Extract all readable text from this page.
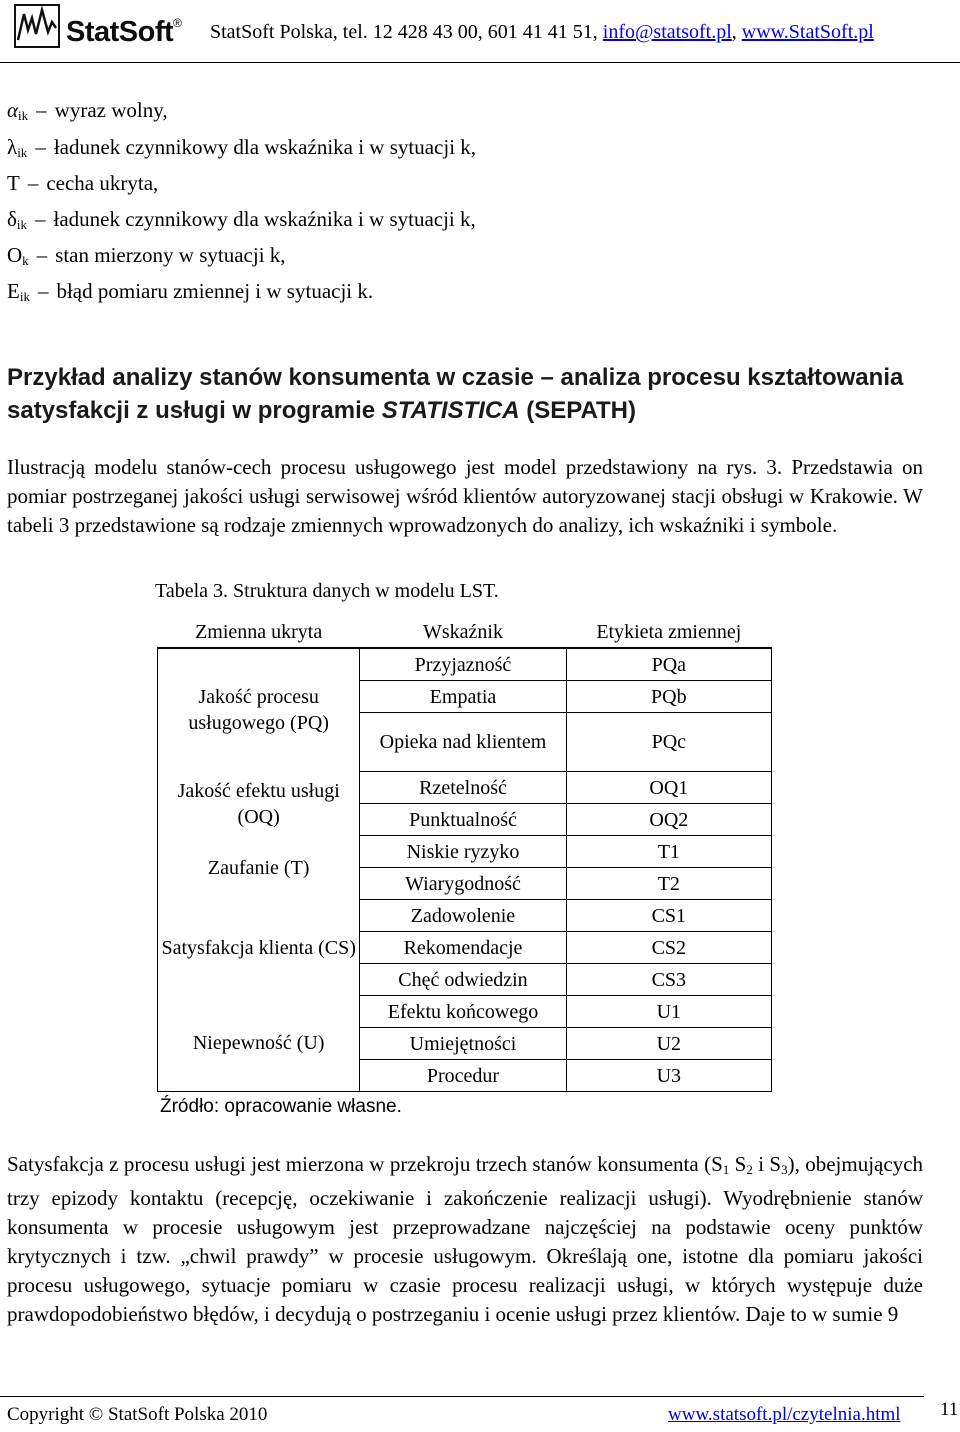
StatSoft® StatSoft Polska, tel. 12 428 43 00, 601 41 41 51, info@statsoft.pl, www.StatSoft.pl
$\alpha_{ik}$ – wyraz wolny,
$\lambda_{ik}$ – ładunek czynnikowy dla wskaźnika i w sytuacji k,
T – cecha ukryta,
$\delta_{ik}$ – ładunek czynnikowy dla wskaźnika i w sytuacji k,
$O_k$ – stan mierzony w sytuacji k,
$E_{ik}$ – błąd pomiaru zmiennej i w sytuacji k.
Przykład analizy stanów konsumenta w czasie – analiza procesu kształtowania satysfakcji z usługi w programie STATISTICA (SEPATH)
Ilustracją modelu stanów-cech procesu usługowego jest model przedstawiony na rys. 3. Przedstawia on pomiar postrzeganej jakości usługi serwisowej wśród klientów autoryzowanej stacji obsługi w Krakowie. W tabeli 3 przedstawione są rodzaje zmiennych wprowadzonych do analizy, ich wskaźniki i symbole.
Tabela 3. Struktura danych w modelu LST.
Zmienna ukryta	Wskaźnik	Etykieta zmiennej
Jakość procesu usługowego (PQ)	Przyjazność	PQa
	Empatia	PQb
	Opieka nad klientem	PQc
Jakość efektu usługi (OQ)	Rzetelność	OQ1
	Punktualność	OQ2
Zaufanie (T)	Niskie ryzyko	T1
	Wiarygodność	T2
Satysfakcja klienta (CS)	Zadowolenie	CS1
	Rekomendacje	CS2
	Chęć odwiedzin	CS3
Niepewność (U)	Efektu końcowego	U1
	Umiejętności	U2
	Procedur	U3
Źródło: opracowanie własne.
Satysfakcja z procesu usługi jest mierzona w przekroju trzech stanów konsumenta ($S_1$ $S_2$ i $S_3$), obejmujących trzy epizody kontaktu (recepcję, oczekiwanie i zakończenie realizacji usługi). Wyodrębnienie stanów konsumenta w procesie usługowym jest przeprowadzane najczęściej na podstawie oceny punktów krytycznych i tzw. „chwil prawdy” w procesie usługowym. Określają one, istotne dla pomiaru jakości procesu usługowego, sytuacje pomiaru w czasie procesu realizacji usługi, w których występuje duże prawdopodobieństwo błędów, i decydują o postrzeganiu i ocenie usługi przez klientów. Daje to w sumie 9
Copyright © StatSoft Polska 2010	www.statsoft.pl/czytelnia.html 11
